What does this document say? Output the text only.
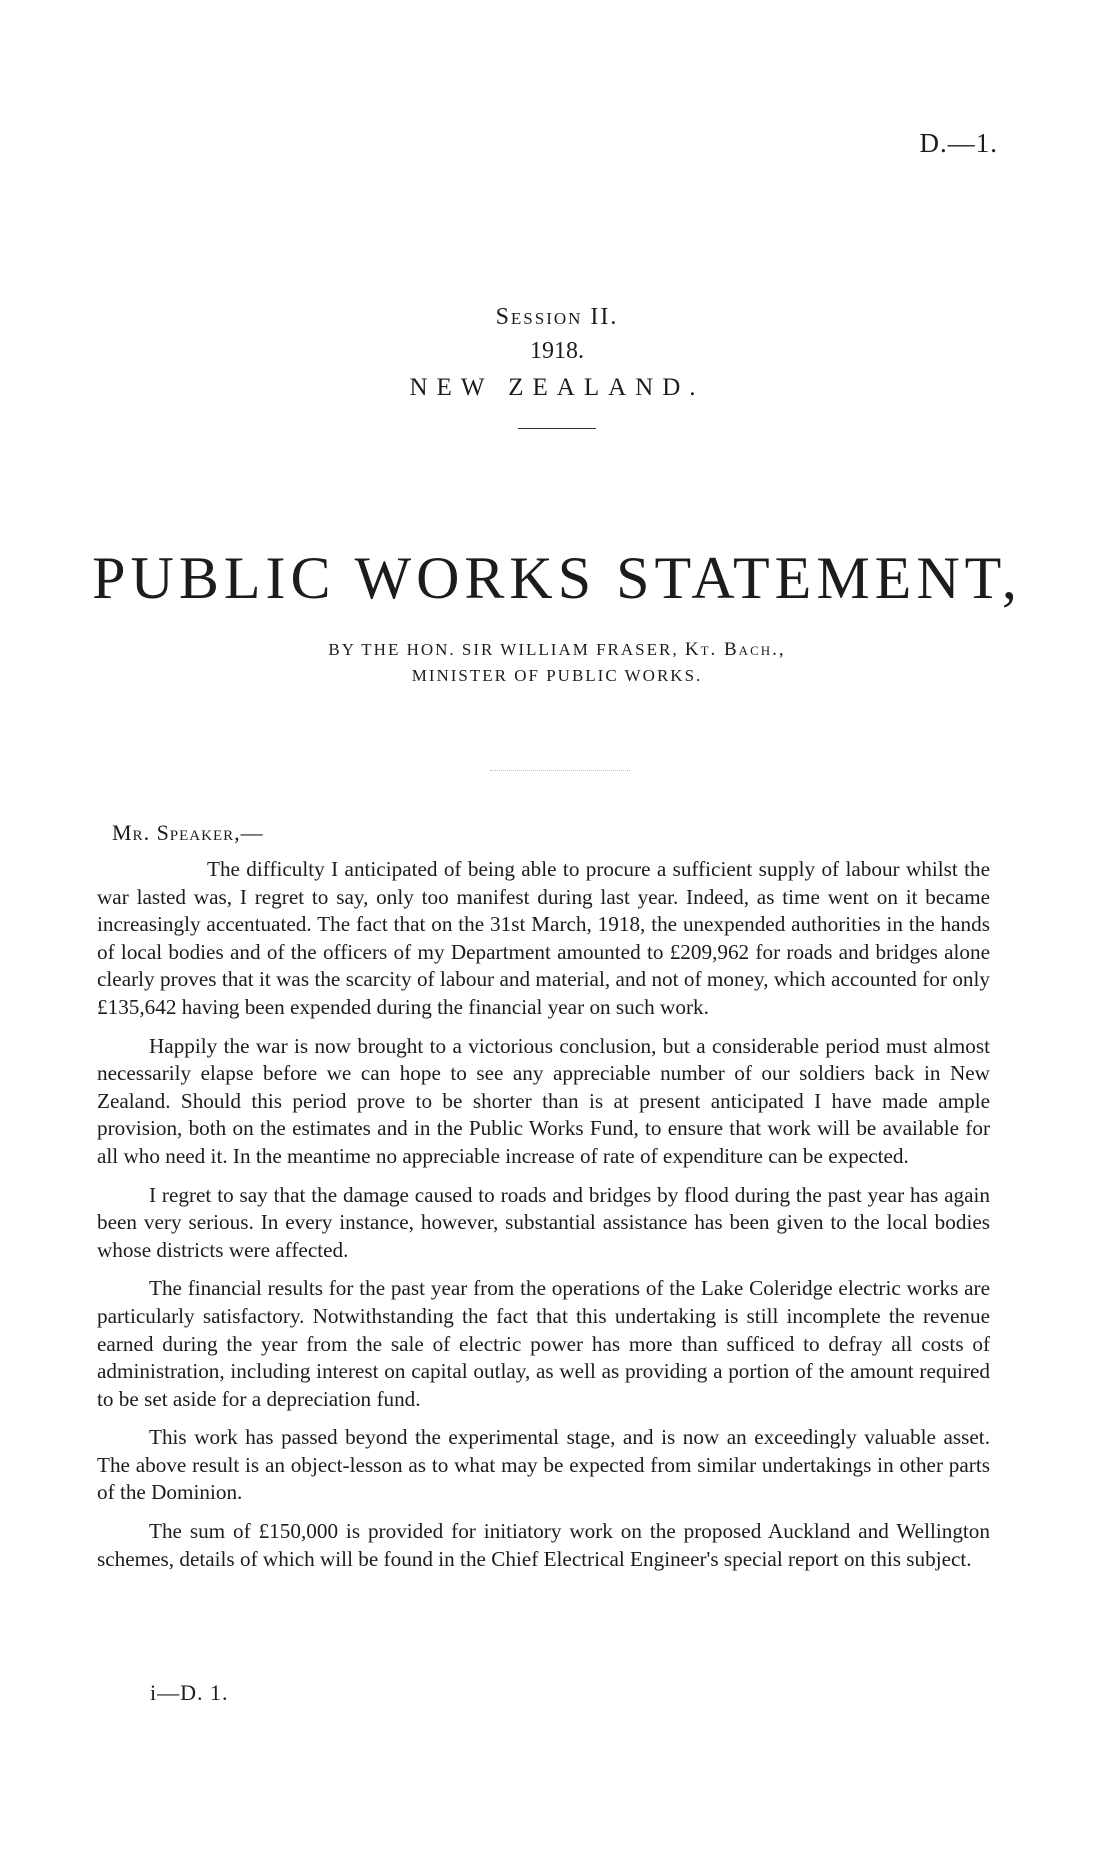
D.—1.
Session II.
1918.
NEW ZEALAND.
PUBLIC WORKS STATEMENT,
BY THE HON. SIR WILLIAM FRASER, Kt. Bach.,
MINISTER OF PUBLIC WORKS.
Mr. Speaker,—

The difficulty I anticipated of being able to procure a sufficient supply of labour whilst the war lasted was, I regret to say, only too manifest during last year. Indeed, as time went on it became increasingly accentuated. The fact that on the 31st March, 1918, the unexpended authorities in the hands of local bodies and of the officers of my Department amounted to £209,962 for roads and bridges alone clearly proves that it was the scarcity of labour and material, and not of money, which accounted for only £135,642 having been expended during the financial year on such work.

Happily the war is now brought to a victorious conclusion, but a considerable period must almost necessarily elapse before we can hope to see any appreciable number of our soldiers back in New Zealand. Should this period prove to be shorter than is at present anticipated I have made ample provision, both on the estimates and in the Public Works Fund, to ensure that work will be available for all who need it. In the meantime no appreciable increase of rate of expenditure can be expected.

I regret to say that the damage caused to roads and bridges by flood during the past year has again been very serious. In every instance, however, substantial assistance has been given to the local bodies whose districts were affected.

The financial results for the past year from the operations of the Lake Coleridge electric works are particularly satisfactory. Notwithstanding the fact that this undertaking is still incomplete the revenue earned during the year from the sale of electric power has more than sufficed to defray all costs of administration, including interest on capital outlay, as well as providing a portion of the amount required to be set aside for a depreciation fund.

This work has passed beyond the experimental stage, and is now an exceedingly valuable asset. The above result is an object-lesson as to what may be expected from similar undertakings in other parts of the Dominion.

The sum of £150,000 is provided for initiatory work on the proposed Auckland and Wellington schemes, details of which will be found in the Chief Electrical Engineer's special report on this subject.

i—D. 1.
